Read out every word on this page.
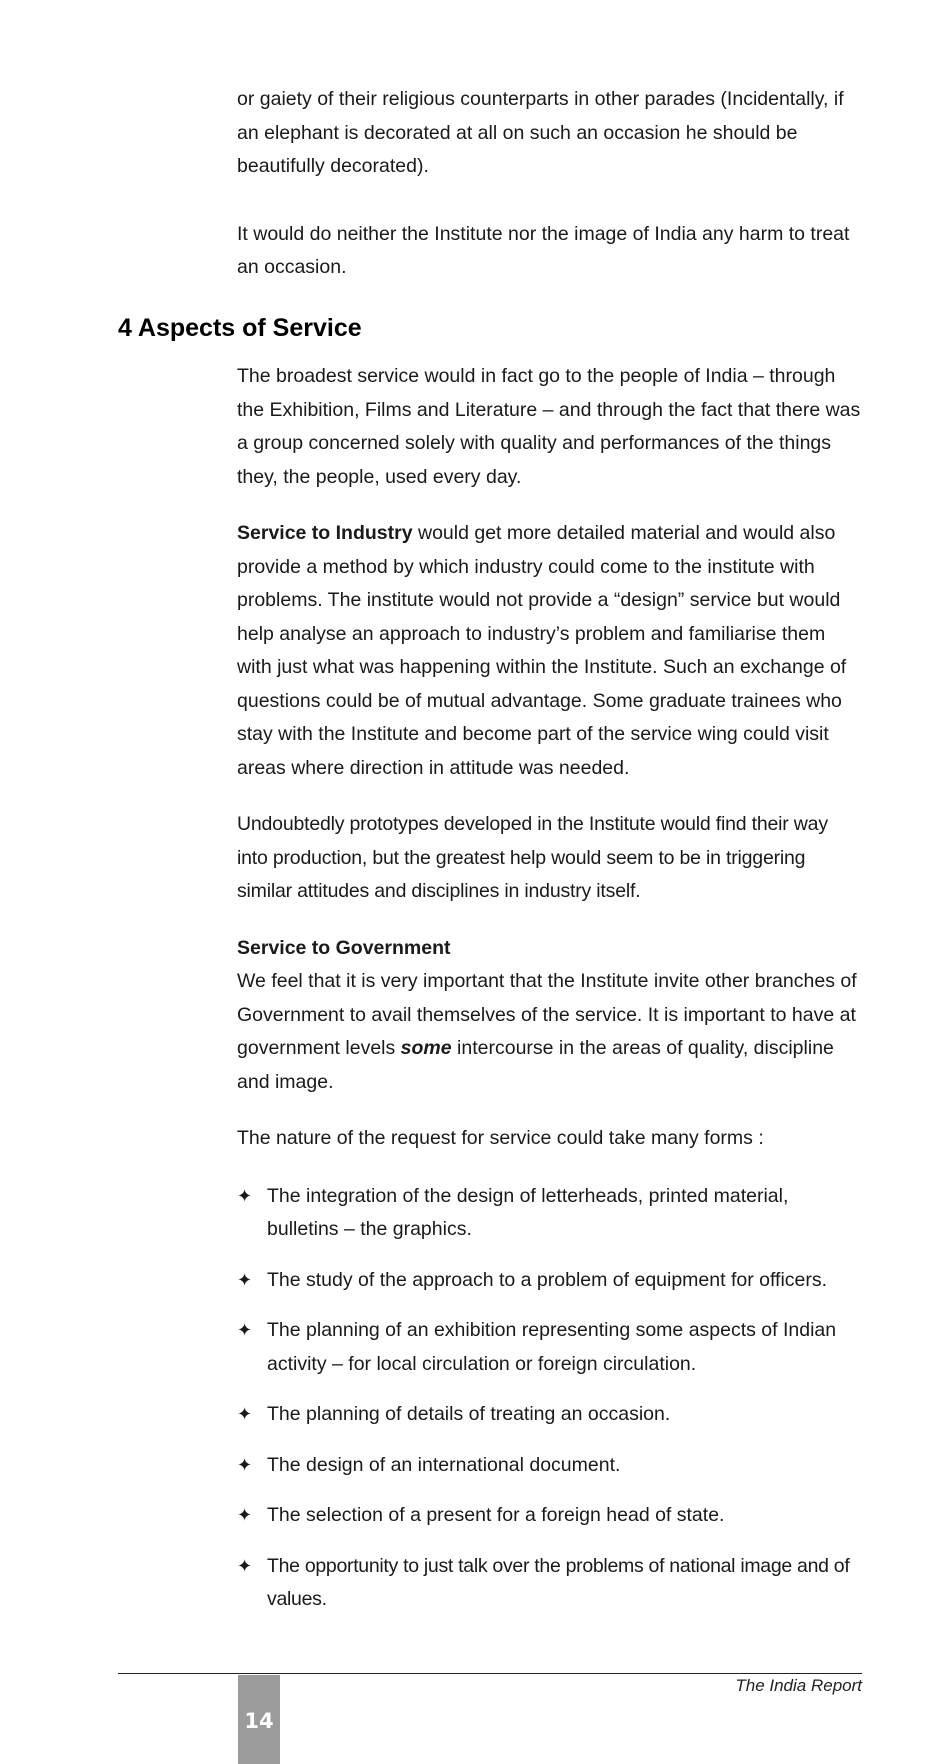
or gaiety of their religious counterparts in other parades (Incidentally, if an elephant is decorated at all on such an occasion he should be beautifully decorated).

It would do neither the Institute nor the image of India any harm to treat an occasion.

4 Aspects of Service

The broadest service would in fact go to the people of India – through the Exhibition, Films and Literature – and through the fact that there was a group concerned solely with quality and performances of the things they, the people, used every day.

Service to Industry would get more detailed material and would also provide a method by which industry could come to the institute with problems. The institute would not provide a “design” service but would help analyse an approach to industry’s problem and familiarise them with just what was happening within the Institute. Such an exchange of questions could be of mutual advantage. Some graduate trainees who stay with the Institute and become part of the service wing could visit areas where direction in attitude was needed.

Undoubtedly prototypes developed in the Institute would find their way into production, but the greatest help would seem to be in triggering similar attitudes and disciplines in industry itself.

Service to Government

We feel that it is very important that the Institute invite other branches of Government to avail themselves of the service. It is important to have at government levels some intercourse in the areas of quality, discipline and image.

The nature of the request for service could take many forms :

✦ The integration of the design of letterheads, printed material, bulletins – the graphics.
✦ The study of the approach to a problem of equipment for officers.
✦ The planning of an exhibition representing some aspects of Indian activity – for local circulation or foreign circulation.
✦ The planning of details of treating an occasion.
✦ The design of an international document.
✦ The selection of a present for a foreign head of state.
✦ The opportunity to just talk over the problems of national image and of values.
The India Report
14
